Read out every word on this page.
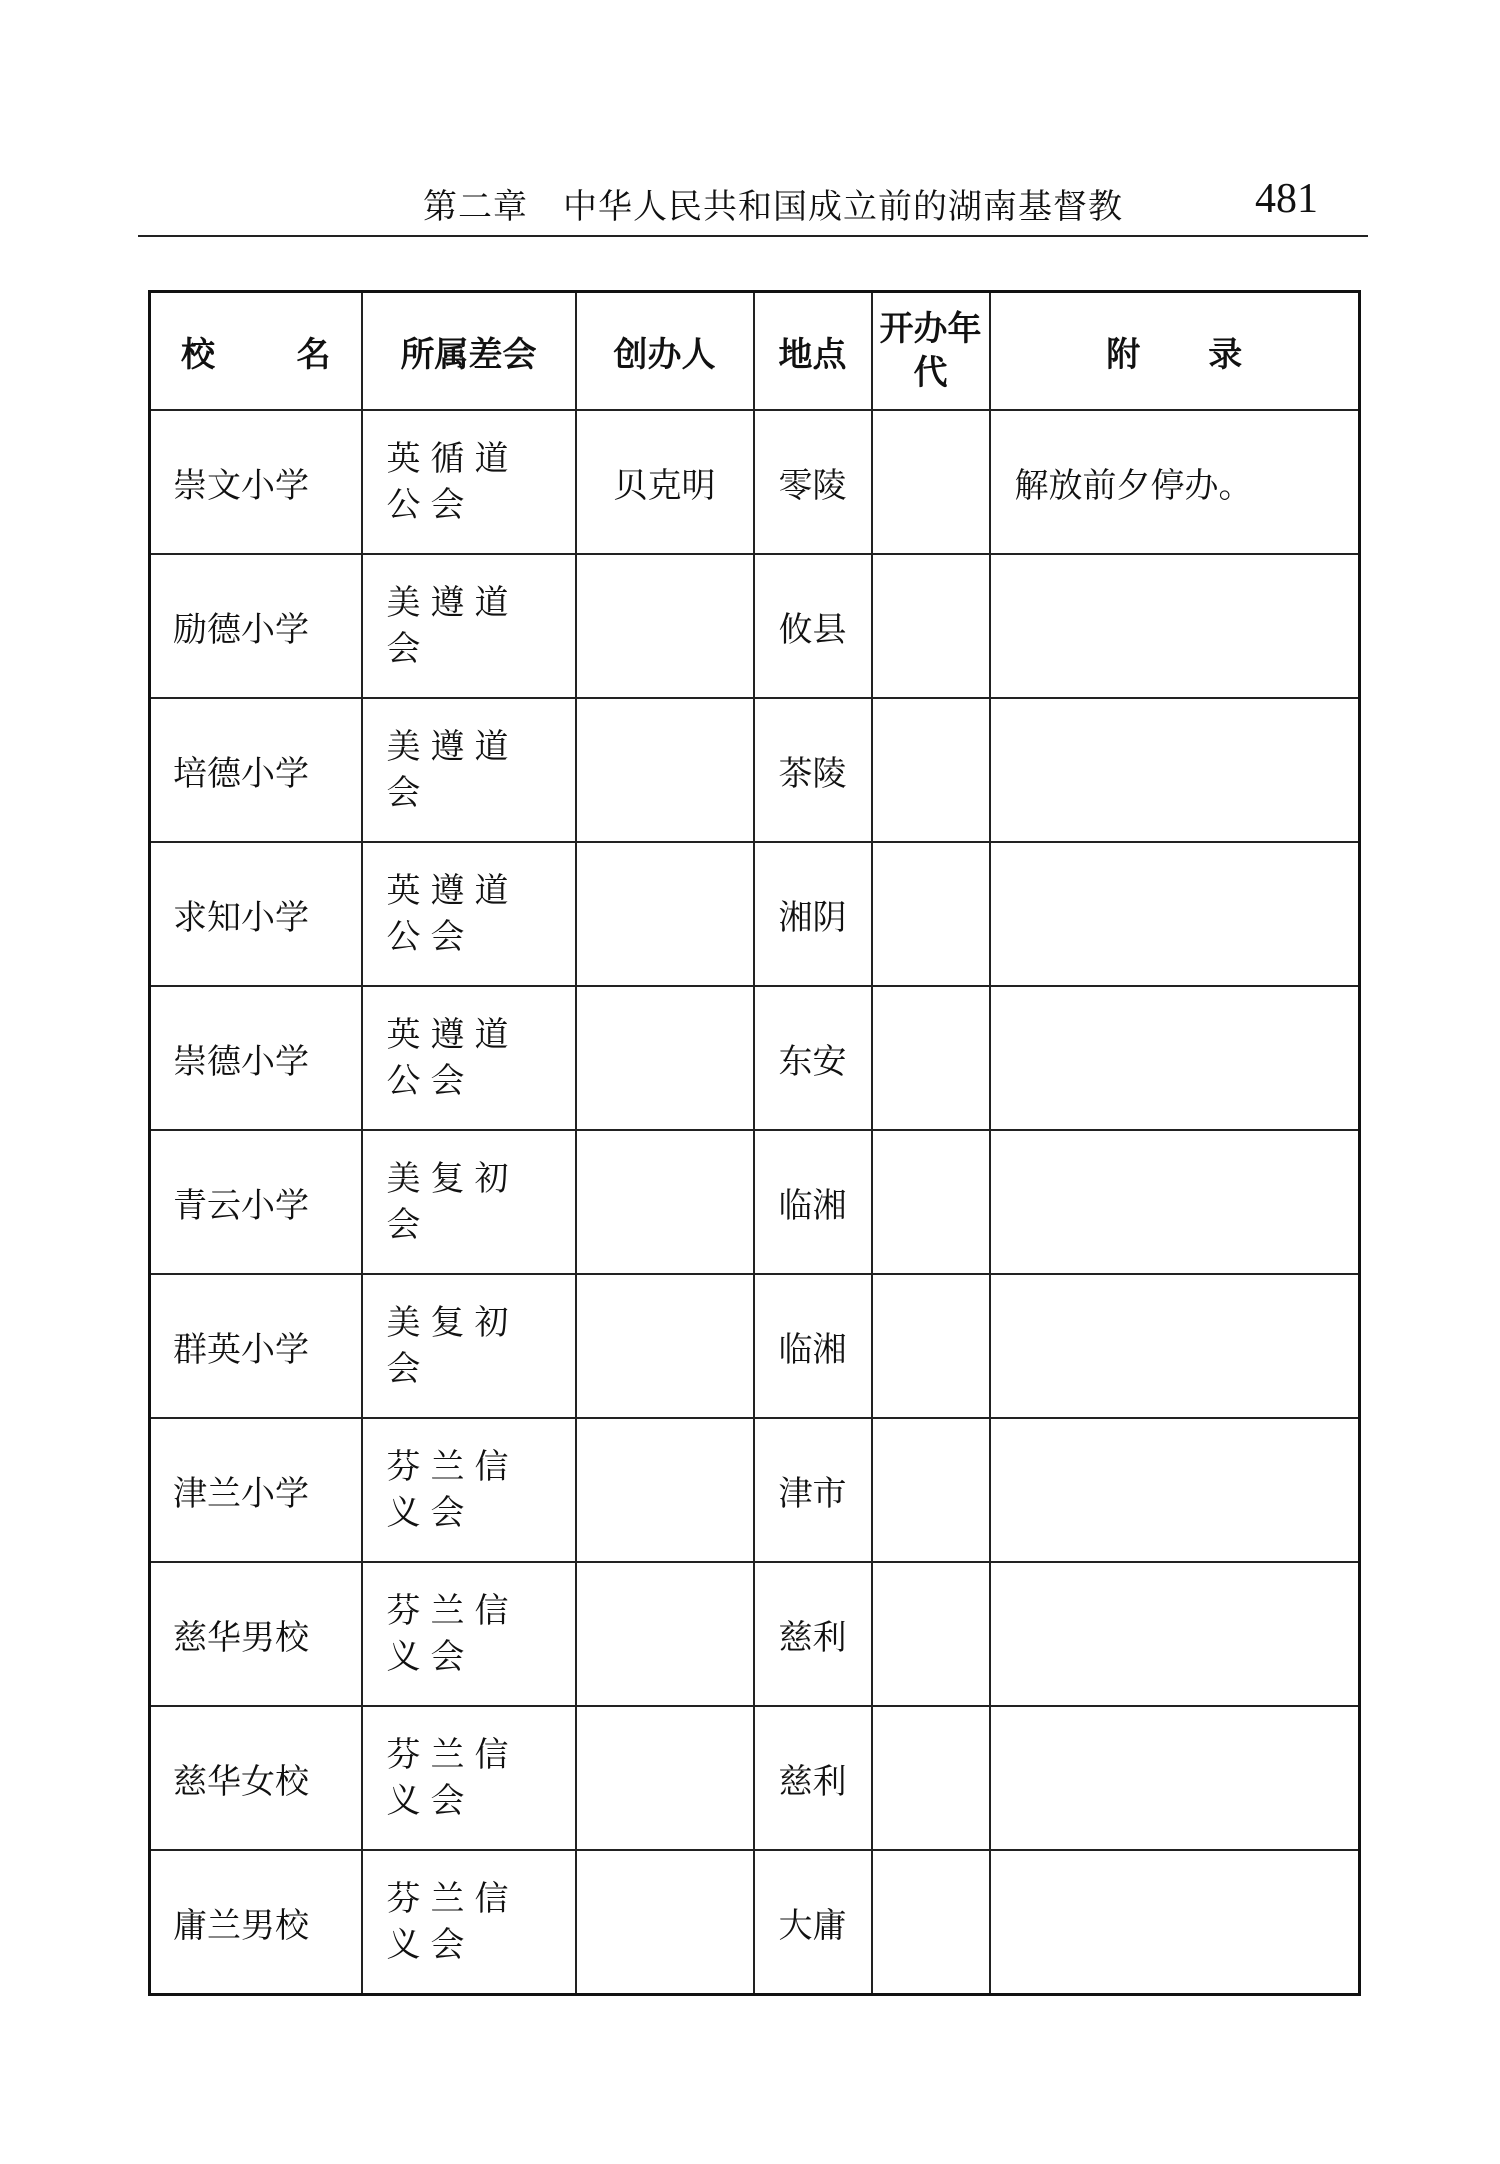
第二章　中华人民共和国成立前的湖南基督教	481
校　　名	所属差会	创办人	地点	开办年代	附　　录
崇文小学	英循道公会	贝克明	零陵		解放前夕停办。
励德小学	美遵道会		攸县		
培德小学	美遵道会		茶陵		
求知小学	英遵道公会		湘阴		
崇德小学	英遵道公会		东安		
青云小学	美复初会		临湘		
群英小学	美复初会		临湘		
津兰小学	芬兰信义会		津市		
慈华男校	芬兰信义会		慈利		
慈华女校	芬兰信义会		慈利		
庸兰男校	芬兰信义会		大庸		
